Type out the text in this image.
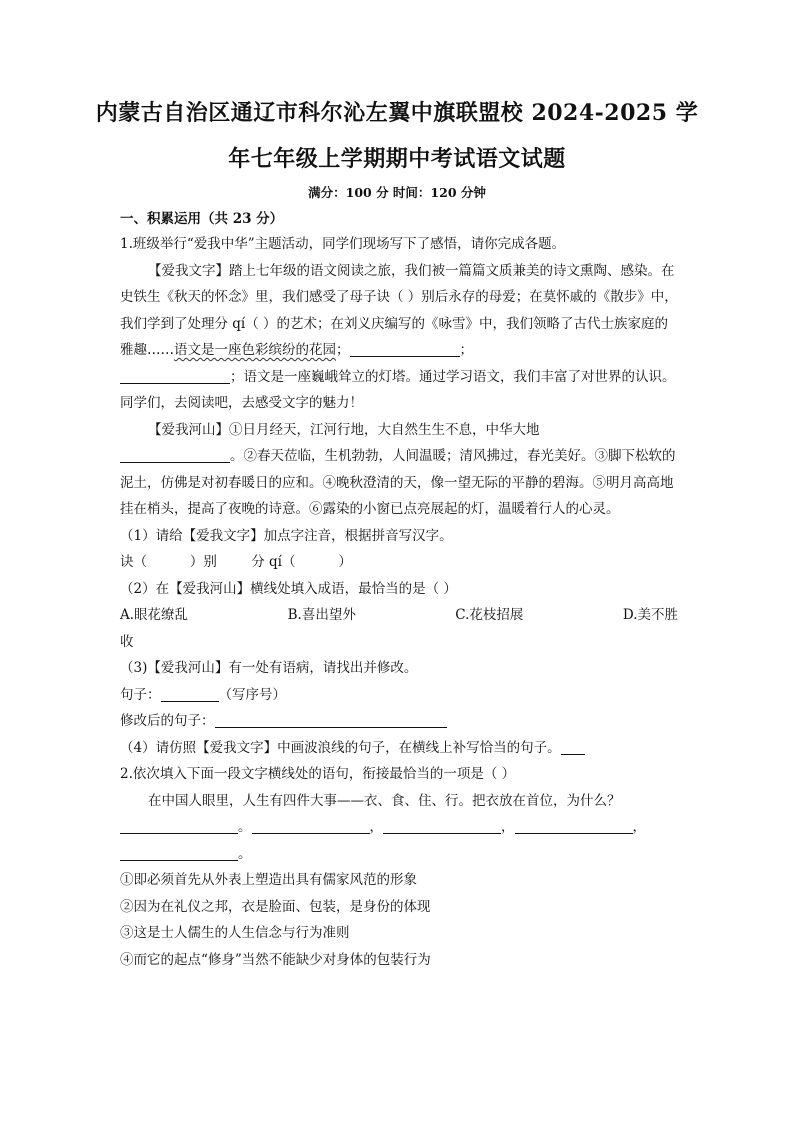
内蒙古自治区通辽市科尔沁左翼中旗联盟校 2024-2025 学
年七年级上学期期中考试语文试题
满分：100 分 时间：120 分钟
一、积累运用（共 23 分）

1.班级举行“爱我中华”主题活动，同学们现场写下了感悟，请你完成各题。

【爱我文字】踏上七年级的语文阅读之旅，我们被一篇篇文质兼美的诗文熏陶、感染。在史铁生《秋天的怀念》里，我们感受了母子诀（ ）别后永存的母爱；在莫怀戚的《散步》中，我们学到了处理分 qí（ ）的艺术；在刘义庆编写的《咏雪》中，我们领略了古代士族家庭的雅趣……语文是一座色彩缤纷的花园；	；
；语文是一座巍峨耸立的灯塔。通过学习语文，我们丰富了对世界的认识。同学们，去阅读吧，去感受文字的魅力！

【爱我河山】①日月经天，江河行地，大自然生生不息，中华大地
。②春天莅临，生机勃勃，人间温暖；清风拂过，春光美好。③脚下松软的泥土，仿佛是对初春暖日的应和。④晚秋澄清的天，像一望无际的平静的碧海。⑤明月高高地挂在梢头，提高了夜晚的诗意。⑥露染的小窗已点亮展起的灯，温暖着行人的心灵。

（1）请给【爱我文字】加点字注音，根据拼音写汉字。

诀（          ）别        分 qí（          ）

（2）在【爱我河山】横线处填入成语，最恰当的是（ ）

A.眼花缭乱	B.喜出望外	C.花枝招展	D.美不胜

收

（3)【爱我河山】有一处有语病，请找出并修改。

句子：	（写序号）

修改后的句子：

（4）请仿照【爱我文字】中画波浪线的句子，在横线上补写恰当的句子。

2.依次填入下面一段文字横线处的语句，衔接最恰当的一项是（ ）

在中国人眼里，人生有四件大事——衣、食、住、行。把衣放在首位，为什么？

。	，	，	，
。

①即必须首先从外表上塑造出具有儒家风范的形象

②因为在礼仪之邦，衣是脸面、包装，是身份的体现

③这是士人儒生的人生信念与行为准则

④而它的起点“修身”当然不能缺少对身体的包装行为
